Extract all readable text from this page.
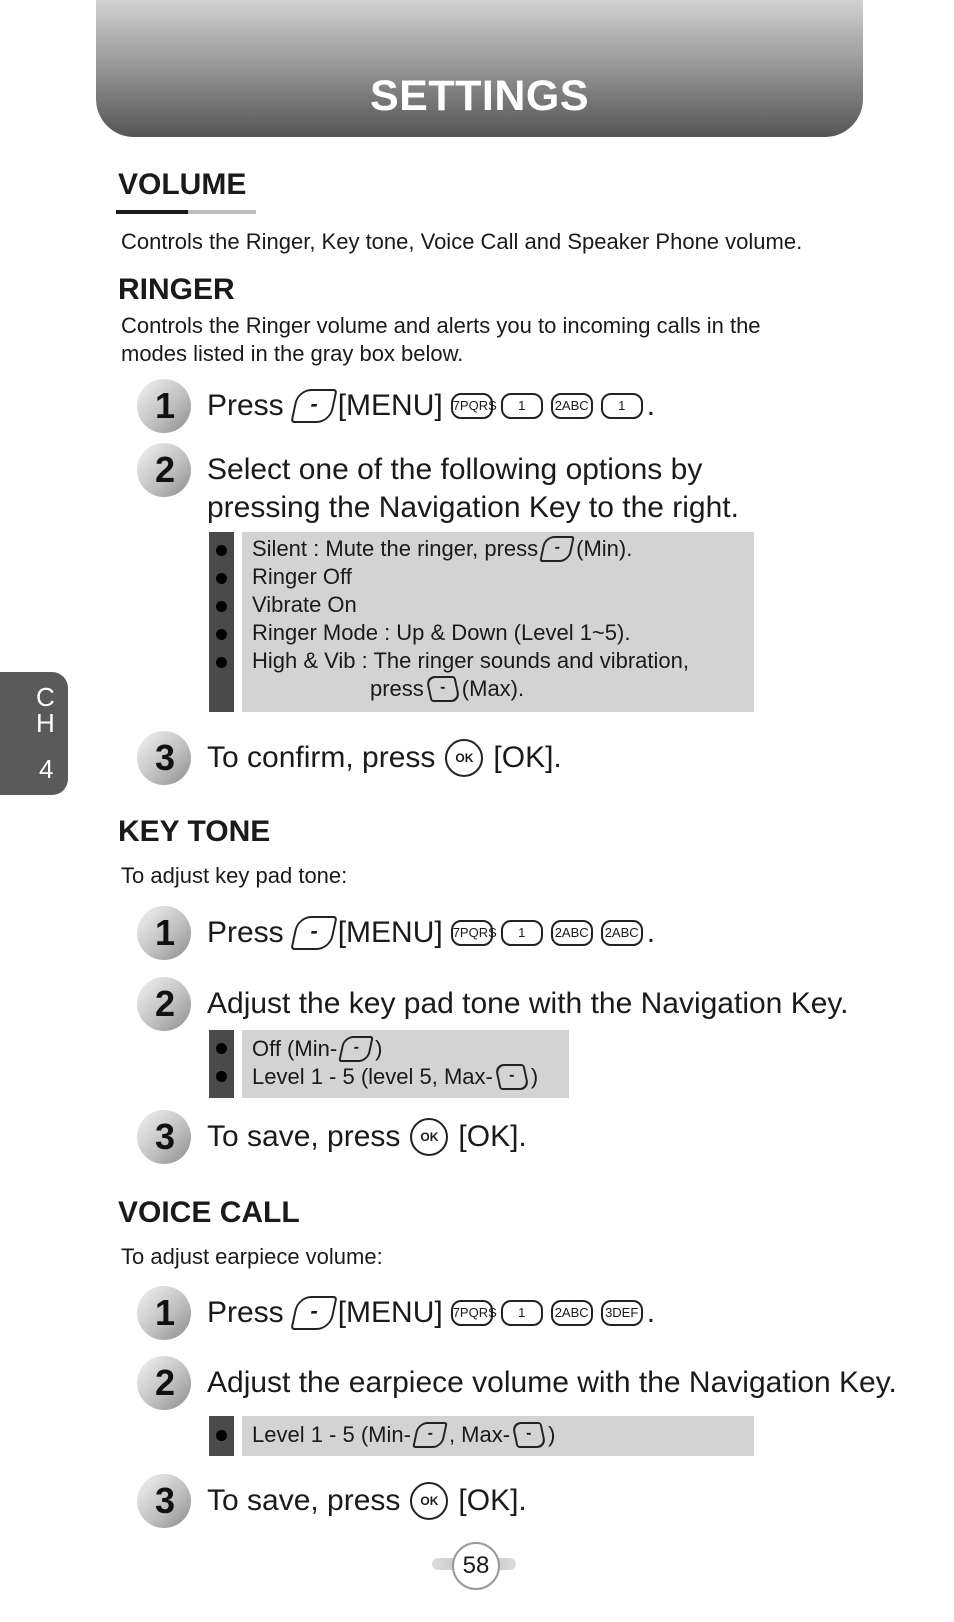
SETTINGS
C
H
4
VOLUME
Controls the Ringer, Key tone, Voice Call and Speaker Phone volume.
RINGER
Controls the Ringer volume and alerts you to incoming calls in the
modes listed in the gray box below.
1 Press	- [MENU] 7PQRS	1	2ABC	1 .
2 Select one of the following options by pressing the Navigation Key to the right.
Silent : Mute the ringer, press - (Min).
Ringer Off
Vibrate On
Ringer Mode : Up & Down (Level 1~5).
High & Vib : The ringer sounds and vibration,
press - (Max).
3 To confirm, press	OK [OK].
KEY TONE
To adjust key pad tone:
1 Press	- [MENU] 7PQRS	1	2ABC	2ABC .
2 Adjust the key pad tone with the Navigation Key.
Off (Min- - )
Level 1 - 5 (level 5, Max- - )
3 To save, press	OK [OK].
VOICE CALL
To adjust earpiece volume:
1 Press	- [MENU] 7PQRS	1	2ABC	3DEF .
2 Adjust the earpiece volume with the Navigation Key.
Level 1 - 5 (Min- - , Max- - )
3 To save, press	OK [OK].
58
